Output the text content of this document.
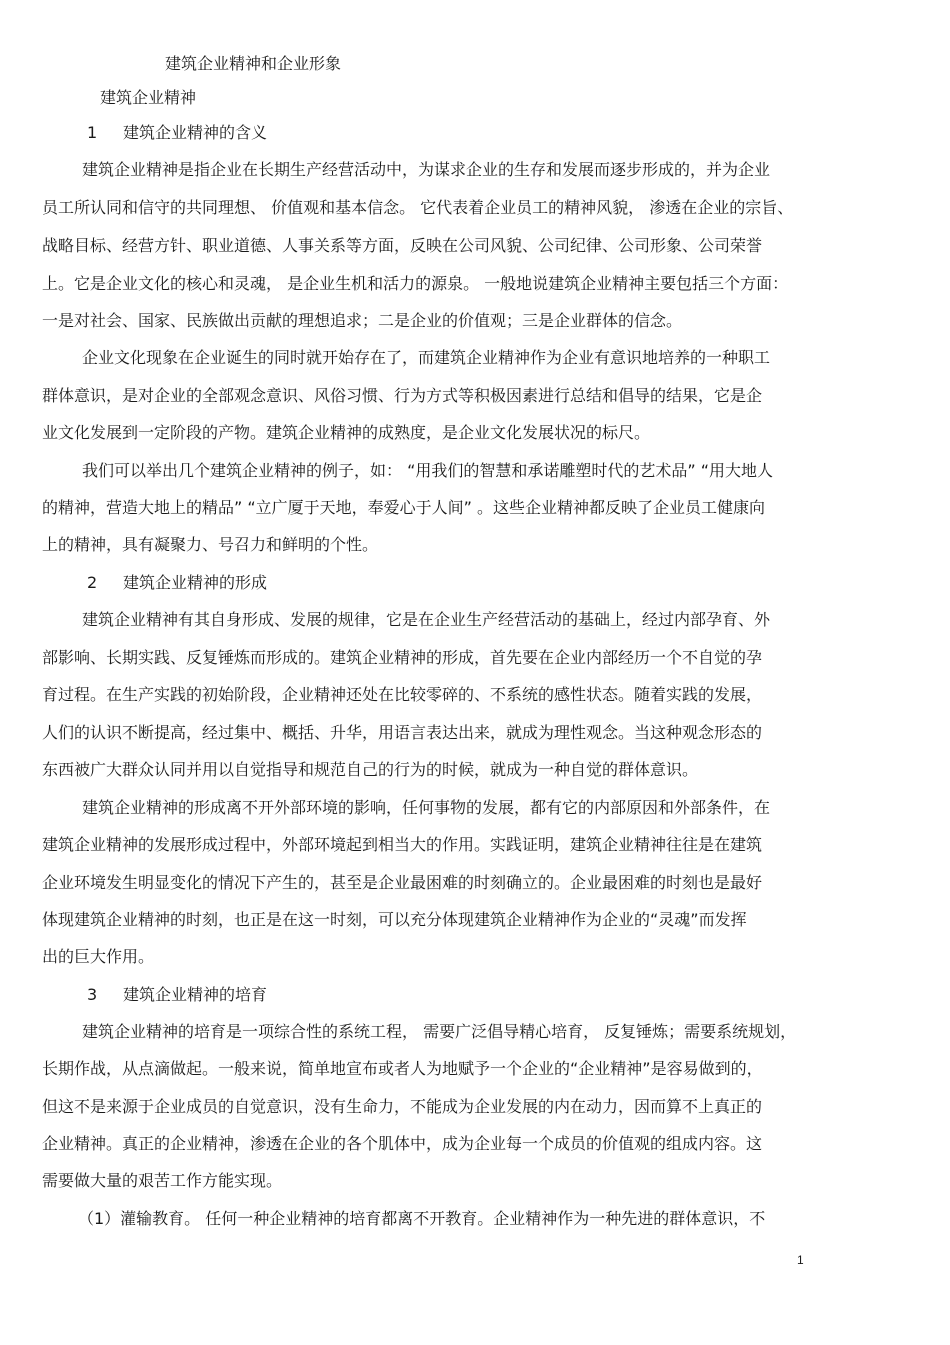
建筑企业精神和企业形象
建筑企业精神
1 建筑企业精神的含义
建筑企业精神是指企业在长期生产经营活动中，为谋求企业的生存和发展而逐步形成的，并为企业
员工所认同和信守的共同理想、 价值观和基本信念。 它代表着企业员工的精神风貌， 渗透在企业的宗旨、
战略目标、经营方针、职业道德、人事关系等方面，反映在公司风貌、公司纪律、公司形象、公司荣誉
上。它是企业文化的核心和灵魂， 是企业生机和活力的源泉。 一般地说建筑企业精神主要包括三个方面：
一是对社会、国家、民族做出贡献的理想追求；二是企业的价值观；三是企业群体的信念。
企业文化现象在企业诞生的同时就开始存在了，而建筑企业精神作为企业有意识地培养的一种职工
群体意识，是对企业的全部观念意识、风俗习惯、行为方式等积极因素进行总结和倡导的结果，它是企
业文化发展到一定阶段的产物。建筑企业精神的成熟度，是企业文化发展状况的标尺。
我们可以举出几个建筑企业精神的例子，如： “用我们的智慧和承诺雕塑时代的艺术品” “用大地人
的精神，营造大地上的精品” “立广厦于天地，奉爱心于人间” 。这些企业精神都反映了企业员工健康向
上的精神，具有凝聚力、号召力和鲜明的个性。
2 建筑企业精神的形成
建筑企业精神有其自身形成、发展的规律，它是在企业生产经营活动的基础上，经过内部孕育、外
部影响、长期实践、反复锤炼而形成的。建筑企业精神的形成，首先要在企业内部经历一个不自觉的孕
育过程。在生产实践的初始阶段，企业精神还处在比较零碎的、不系统的感性状态。随着实践的发展，
人们的认识不断提高，经过集中、概括、升华，用语言表达出来，就成为理性观念。当这种观念形态的
东西被广大群众认同并用以自觉指导和规范自己的行为的时候，就成为一种自觉的群体意识。
建筑企业精神的形成离不开外部环境的影响，任何事物的发展，都有它的内部原因和外部条件，在
建筑企业精神的发展形成过程中，外部环境起到相当大的作用。实践证明，建筑企业精神往往是在建筑
企业环境发生明显变化的情况下产生的，甚至是企业最困难的时刻确立的。企业最困难的时刻也是最好
体现建筑企业精神的时刻，也正是在这一时刻，可以充分体现建筑企业精神作为企业的“灵魂”而发挥
出的巨大作用。
3 建筑企业精神的培育
建筑企业精神的培育是一项综合性的系统工程， 需要广泛倡导精心培育， 反复锤炼；需要系统规划，
长期作战，从点滴做起。一般来说，简单地宣布或者人为地赋予一个企业的“企业精神”是容易做到的，
但这不是来源于企业成员的自觉意识，没有生命力，不能成为企业发展的内在动力，因而算不上真正的
企业精神。真正的企业精神，渗透在企业的各个肌体中，成为企业每一个成员的价值观的组成内容。这
需要做大量的艰苦工作方能实现。
（1）灌输教育。 任何一种企业精神的培育都离不开教育。企业精神作为一种先进的群体意识，不
1
